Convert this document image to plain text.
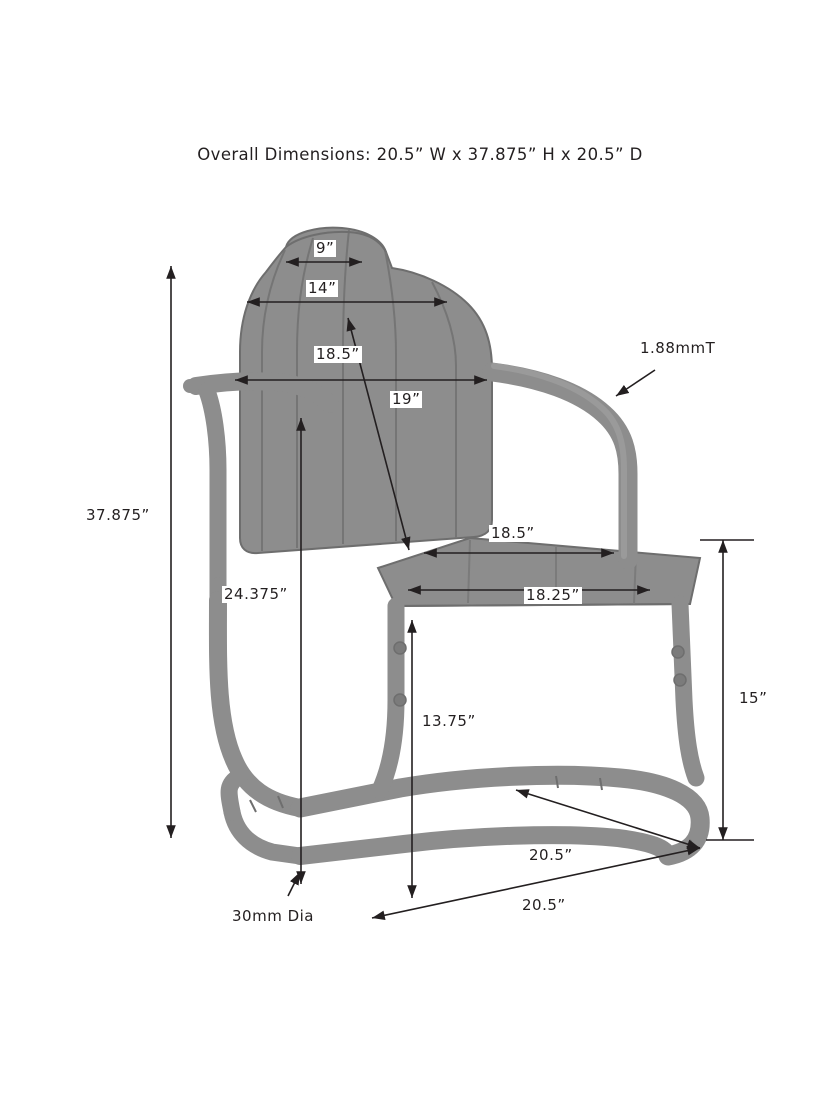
Overall Dimensions: 20.5” W x 37.875” H x 20.5” D
9”
14”
18.5”
19”
1.88mmT
37.875”
18.5”
24.375”	18.25”
15”
13.75”
20.5”
30mm Dia
20.5”
